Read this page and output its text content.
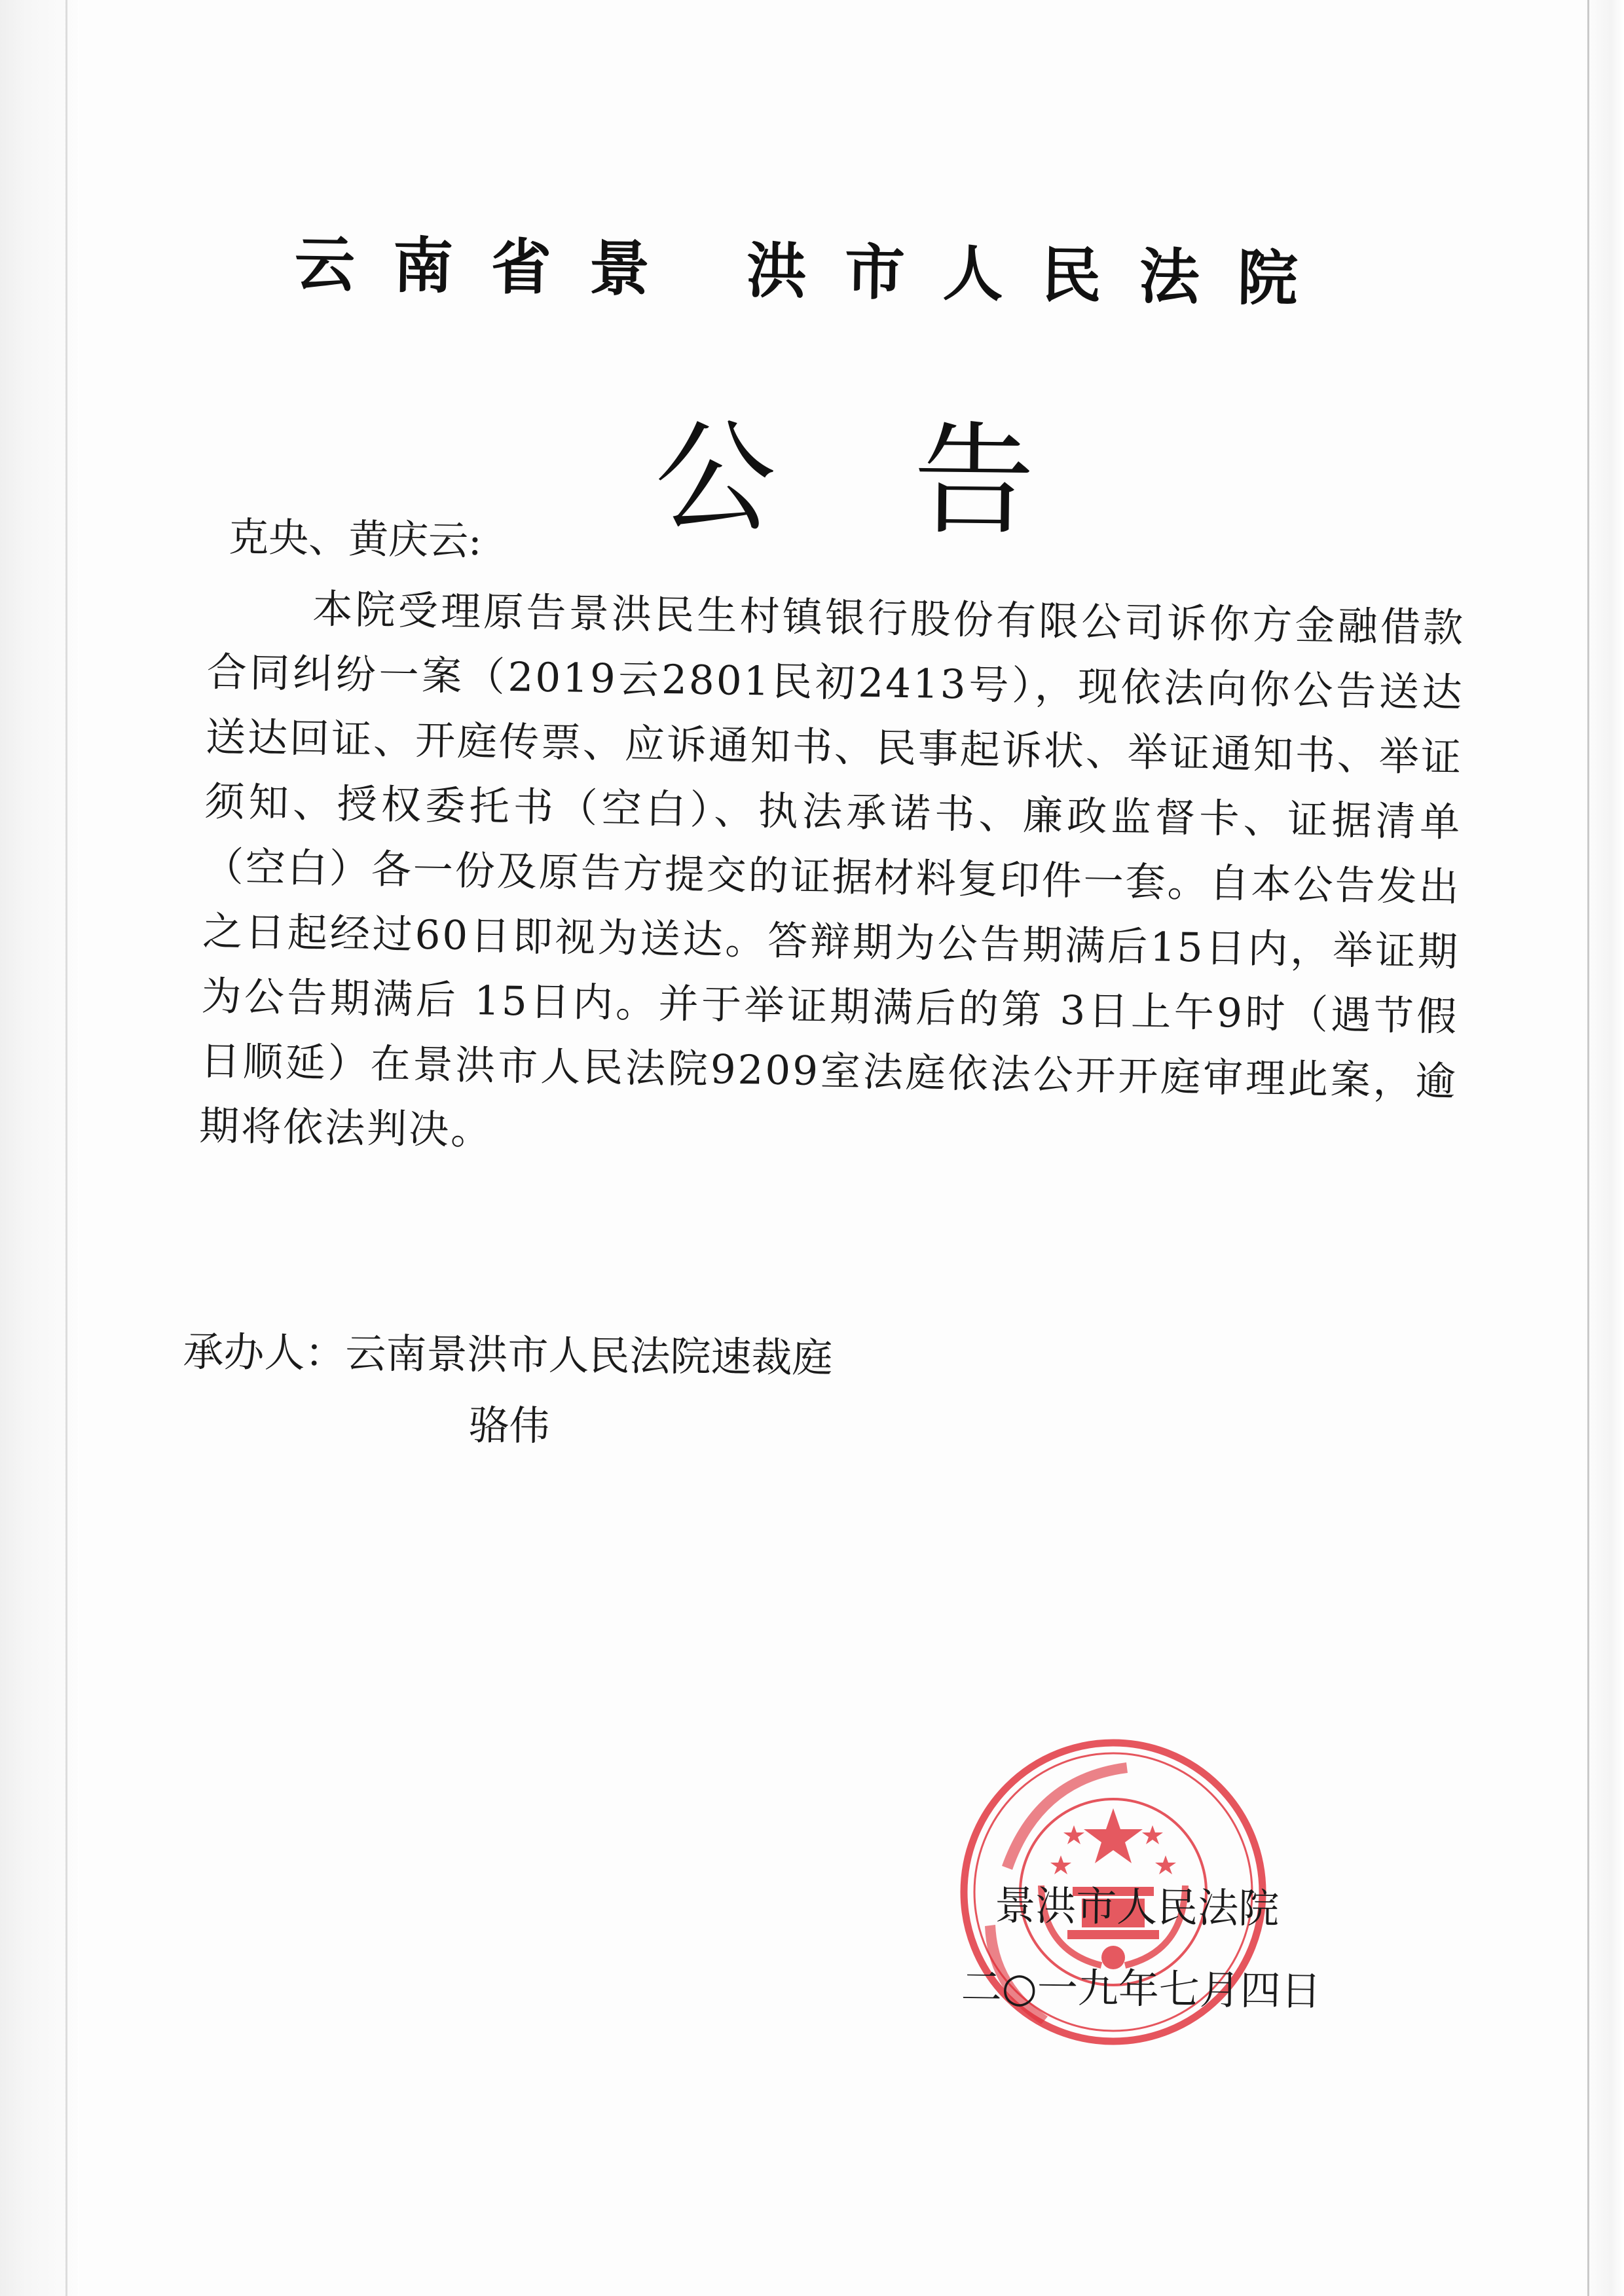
云南省景 洪市人民法院
公告
克央、黄庆云:
本院受理原告景洪民生村镇银行股份有限公司诉你方金融借款合同纠纷一案（2019云2801民初2413号），现依法向你公告送达送达回证、开庭传票、应诉通知书、民事起诉状、举证通知书、举证须知、授权委托书（空白）、执法承诺书、廉政监督卡、证据清单（空白）各一份及原告方提交的证据材料复印件一套。自本公告发出之日起经过60日即视为送达。答辩期为公告期满后15日内，举证期为公告期满后 15日内。并于举证期满后的第 3日上午9时（遇节假日顺延）在景洪市人民法院9209室法庭依法公开开庭审理此案，逾期将依法判决。
承办人：云南景洪市人民法院速裁庭
骆伟
景洪市人民法院
二○一九年七月四日
